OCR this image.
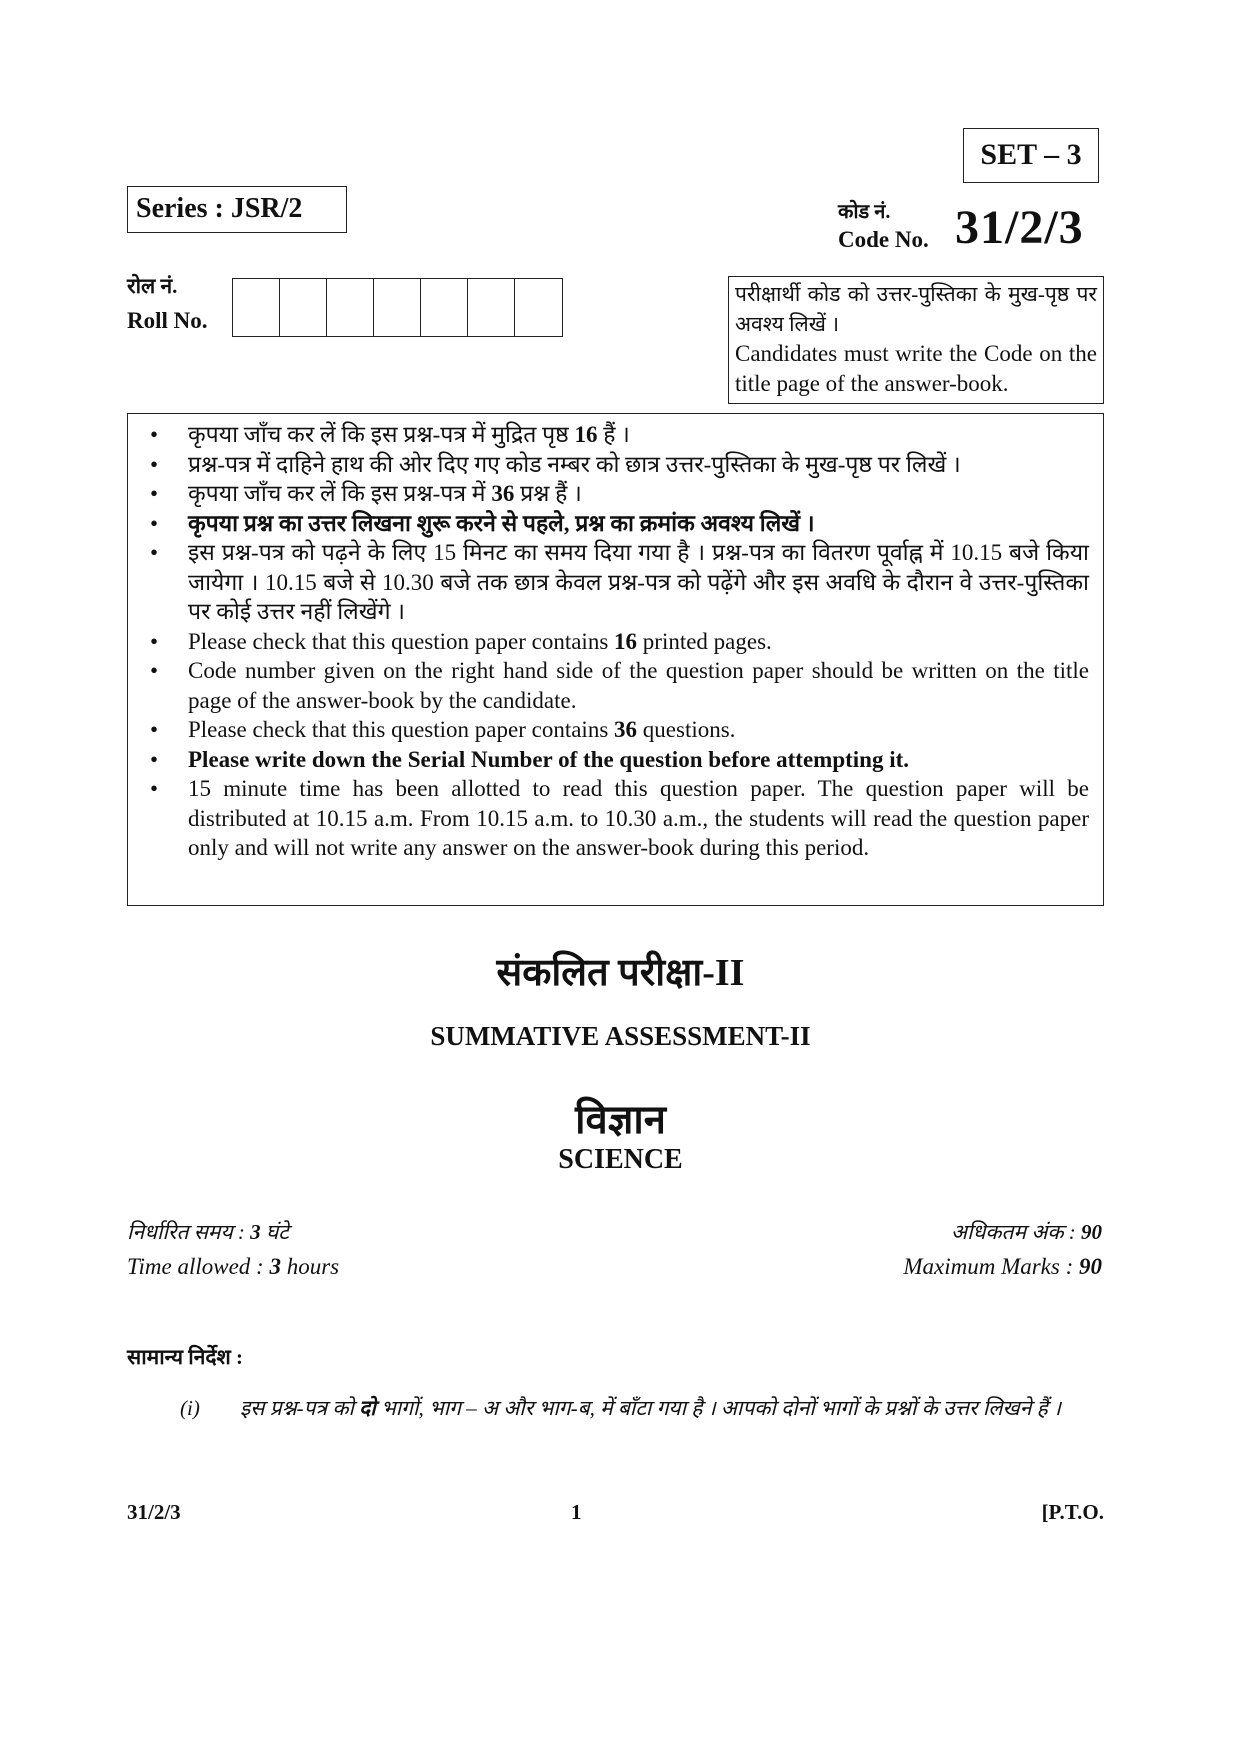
SET – 3
Series : JSR/2	कोड नं.
Code No. 31/2/3
रोल नं.
Roll No.
परीक्षार्थी कोड को उत्तर-पुस्तिका के मुख-पृष्ठ पर अवश्य लिखें ।
Candidates must write the Code on the title page of the answer-book.
• कृपया जाँच कर लें कि इस प्रश्न-पत्र में मुद्रित पृष्ठ 16 हैं ।
• प्रश्न-पत्र में दाहिने हाथ की ओर दिए गए कोड नम्बर को छात्र उत्तर-पुस्तिका के मुख-पृष्ठ पर लिखें ।
• कृपया जाँच कर लें कि इस प्रश्न-पत्र में 36 प्रश्न हैं ।
• कृपया प्रश्न का उत्तर लिखना शुरू करने से पहले, प्रश्न का क्रमांक अवश्य लिखें ।
• इस प्रश्न-पत्र को पढ़ने के लिए 15 मिनट का समय दिया गया है । प्रश्न-पत्र का वितरण पूर्वाह्न में 10.15 बजे किया जायेगा । 10.15 बजे से 10.30 बजे तक छात्र केवल प्रश्न-पत्र को पढ़ेंगे और इस अवधि के दौरान वे उत्तर-पुस्तिका पर कोई उत्तर नहीं लिखेंगे ।
• Please check that this question paper contains 16 printed pages.
• Code number given on the right hand side of the question paper should be written on the title page of the answer-book by the candidate.
• Please check that this question paper contains 36 questions.
• Please write down the Serial Number of the question before attempting it.
• 15 minute time has been allotted to read this question paper. The question paper will be distributed at 10.15 a.m. From 10.15 a.m. to 10.30 a.m., the students will read the question paper only and will not write any answer on the answer-book during this period.
संकलित परीक्षा-II
SUMMATIVE ASSESSMENT-II
विज्ञान
SCIENCE
निर्धारित समय : 3 घंटे
Time allowed : 3 hours
अधिकतम अंक : 90
Maximum Marks : 90
सामान्य निर्देश :
(i) इस प्रश्न-पत्र को दो भागों, भाग – अ और भाग-ब, में बाँटा गया है । आपको दोनों भागों के प्रश्नों के उत्तर लिखने हैं ।
31/2/3	1	[P.T.O.
